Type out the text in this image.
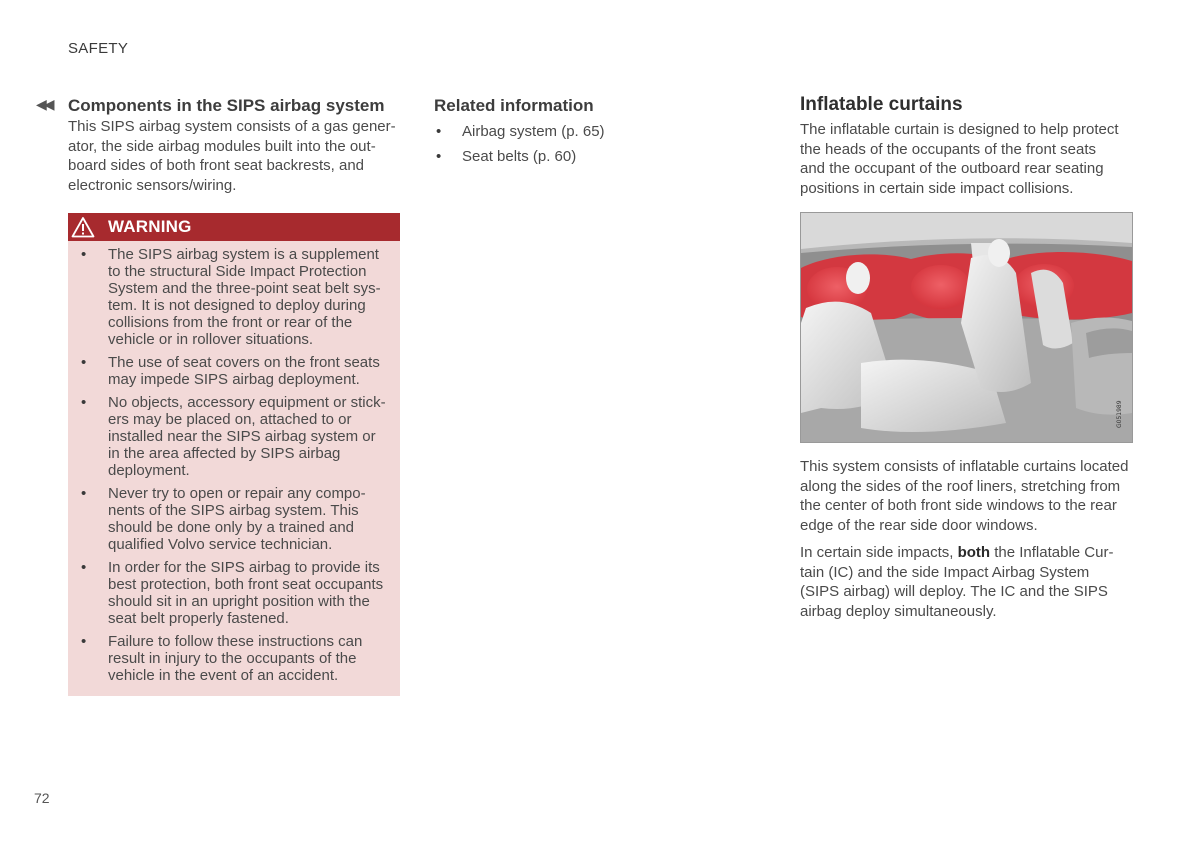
SAFETY
◀◀ Components in the SIPS airbag system

This SIPS airbag system consists of a gas gener-

ator, the side airbag modules built into the out-

board sides of both front seat backrests, and

electronic sensors/wiring.

WARNING
• The SIPS airbag system is a supplement
to the structural Side Impact Protection
System and the three-point seat belt sys-
tem. It is not designed to deploy during
collisions from the front or rear of the
vehicle or in rollover situations.
• The use of seat covers on the front seats
may impede SIPS airbag deployment.
• No objects, accessory equipment or stick-
ers may be placed on, attached to or
installed near the SIPS airbag system or
in the area affected by SIPS airbag
deployment.
• Never try to open or repair any compo-
nents of the SIPS airbag system. This
should be done only by a trained and
qualified Volvo service technician.
• In order for the SIPS airbag to provide its
best protection, both front seat occupants
should sit in an upright position with the
seat belt properly fastened.
• Failure to follow these instructions can
result in injury to the occupants of the
vehicle in the event of an accident.
Related information
• Airbag system (p. 65)
• Seat belts (p. 60)
Inflatable curtains

The inflatable curtain is designed to help protect

the heads of the occupants of the front seats

and the occupant of the outboard rear seating

positions in certain side impact collisions.

G051989

This system consists of inflatable curtains located

along the sides of the roof liners, stretching from

the center of both front side windows to the rear

edge of the rear side door windows.

In certain side impacts, both the Inflatable Cur-

tain (IC) and the side Impact Airbag System

(SIPS airbag) will deploy. The IC and the SIPS

airbag deploy simultaneously.

72
